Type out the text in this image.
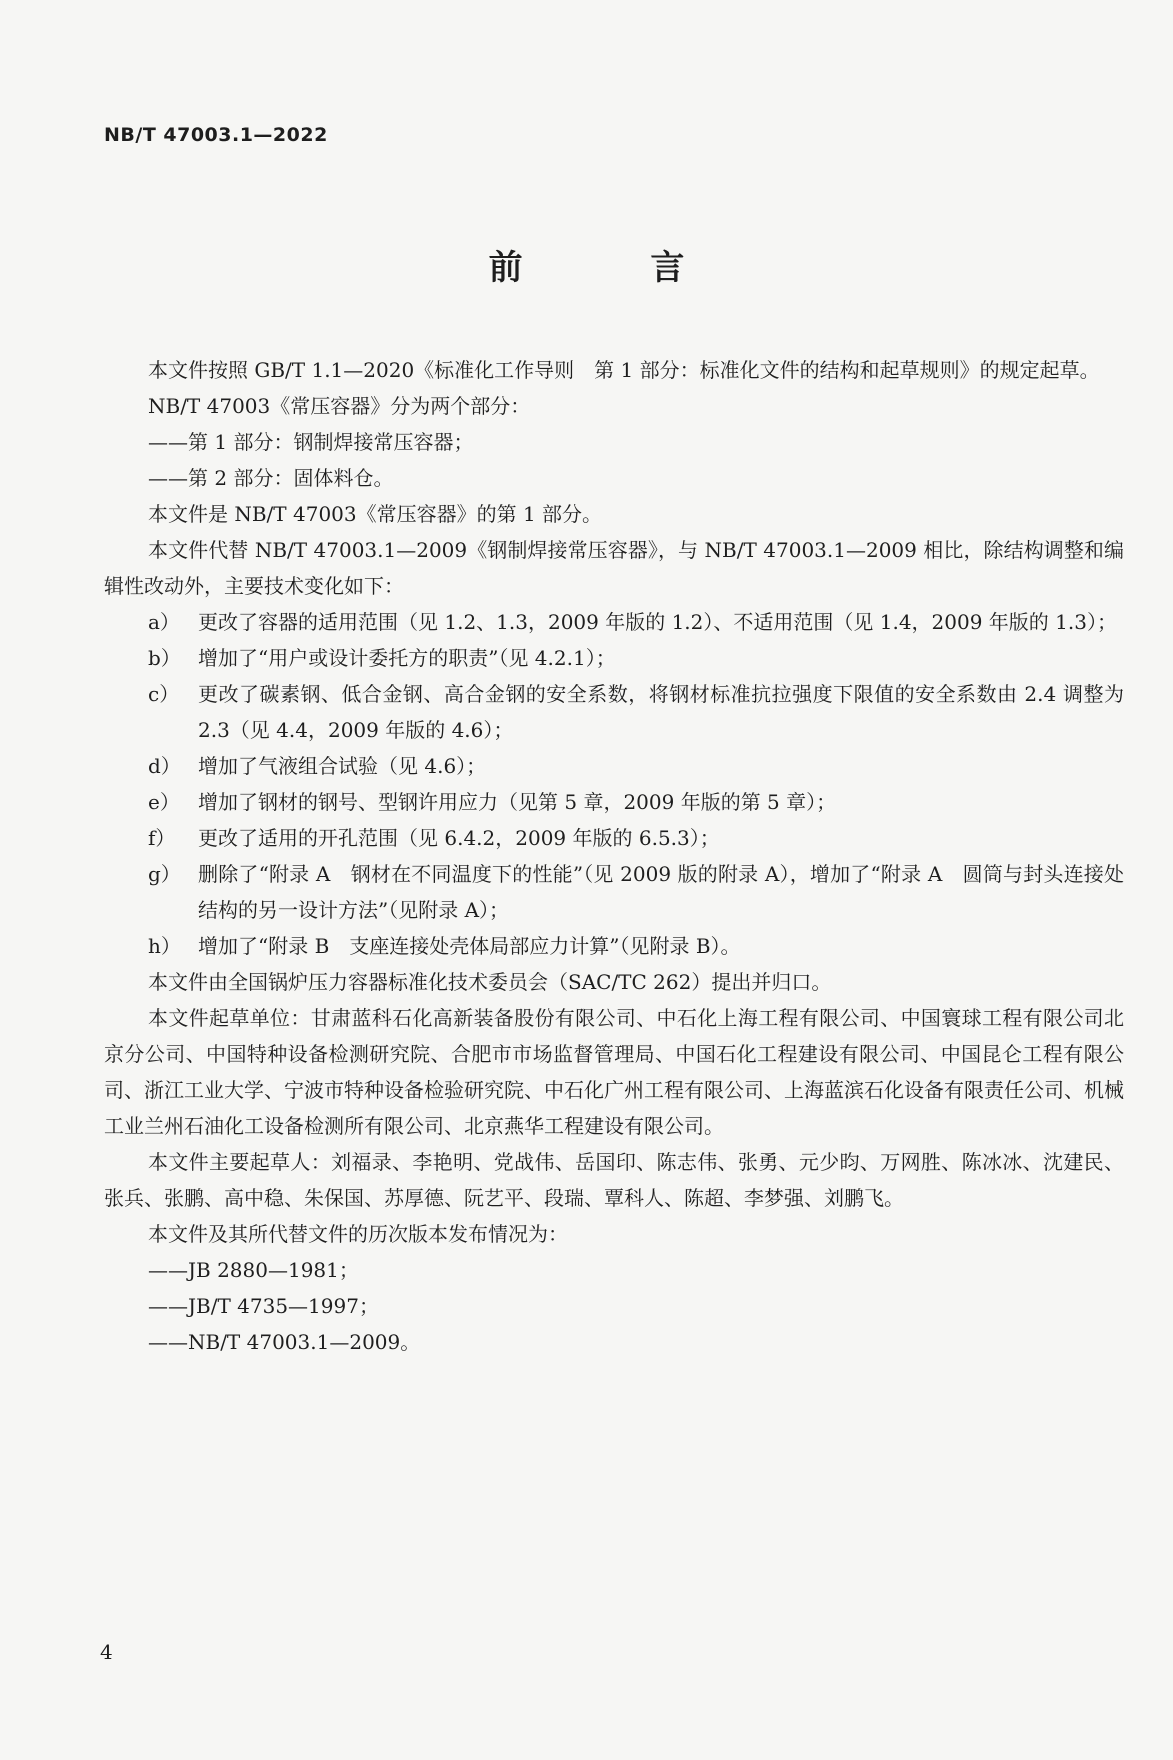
NB/T 47003.1—2022
前 言

本文件按照 GB/T 1.1—2020《标准化工作导则　第 1 部分：标准化文件的结构和起草规则》的规定起草。

NB/T 47003《常压容器》分为两个部分：

——第 1 部分：钢制焊接常压容器；

——第 2 部分：固体料仓。

本文件是 NB/T 47003《常压容器》的第 1 部分。

本文件代替 NB/T 47003.1—2009《钢制焊接常压容器》，与 NB/T 47003.1—2009 相比，除结构调整和编辑性改动外，主要技术变化如下：

a） 更改了容器的适用范围（见 1.2、1.3，2009 年版的 1.2）、不适用范围（见 1.4，2009 年版的 1.3）；
b） 增加了“用户或设计委托方的职责”（见 4.2.1）；
c） 更改了碳素钢、低合金钢、高合金钢的安全系数，将钢材标准抗拉强度下限值的安全系数由 2.4 调整为 2.3（见 4.4，2009 年版的 4.6）；
d） 增加了气液组合试验（见 4.6）；
e） 增加了钢材的钢号、型钢许用应力（见第 5 章，2009 年版的第 5 章）；
f）	更改了适用的开孔范围（见 6.4.2，2009 年版的 6.5.3）；
g） 删除了“附录 A　钢材在不同温度下的性能”（见 2009 版的附录 A），增加了“附录 A　圆筒与封头连接处结构的另一设计方法”（见附录 A）；
h） 增加了“附录 B　支座连接处壳体局部应力计算”（见附录 B）。

本文件由全国锅炉压力容器标准化技术委员会（SAC/TC 262）提出并归口。

本文件起草单位：甘肃蓝科石化高新装备股份有限公司、中石化上海工程有限公司、中国寰球工程有限公司北京分公司、中国特种设备检测研究院、合肥市市场监督管理局、中国石化工程建设有限公司、中国昆仑工程有限公司、浙江工业大学、宁波市特种设备检验研究院、中石化广州工程有限公司、上海蓝滨石化设备有限责任公司、机械工业兰州石油化工设备检测所有限公司、北京燕华工程建设有限公司。

本文件主要起草人：刘福录、李艳明、党战伟、岳国印、陈志伟、张勇、元少昀、万网胜、陈冰冰、沈建民、张兵、张鹏、高中稳、朱保国、苏厚德、阮艺平、段瑞、覃科人、陈超、李梦强、刘鹏飞。

本文件及其所代替文件的历次版本发布情况为：

——JB 2880—1981；

——JB/T 4735—1997；

——NB/T 47003.1—2009。

4
